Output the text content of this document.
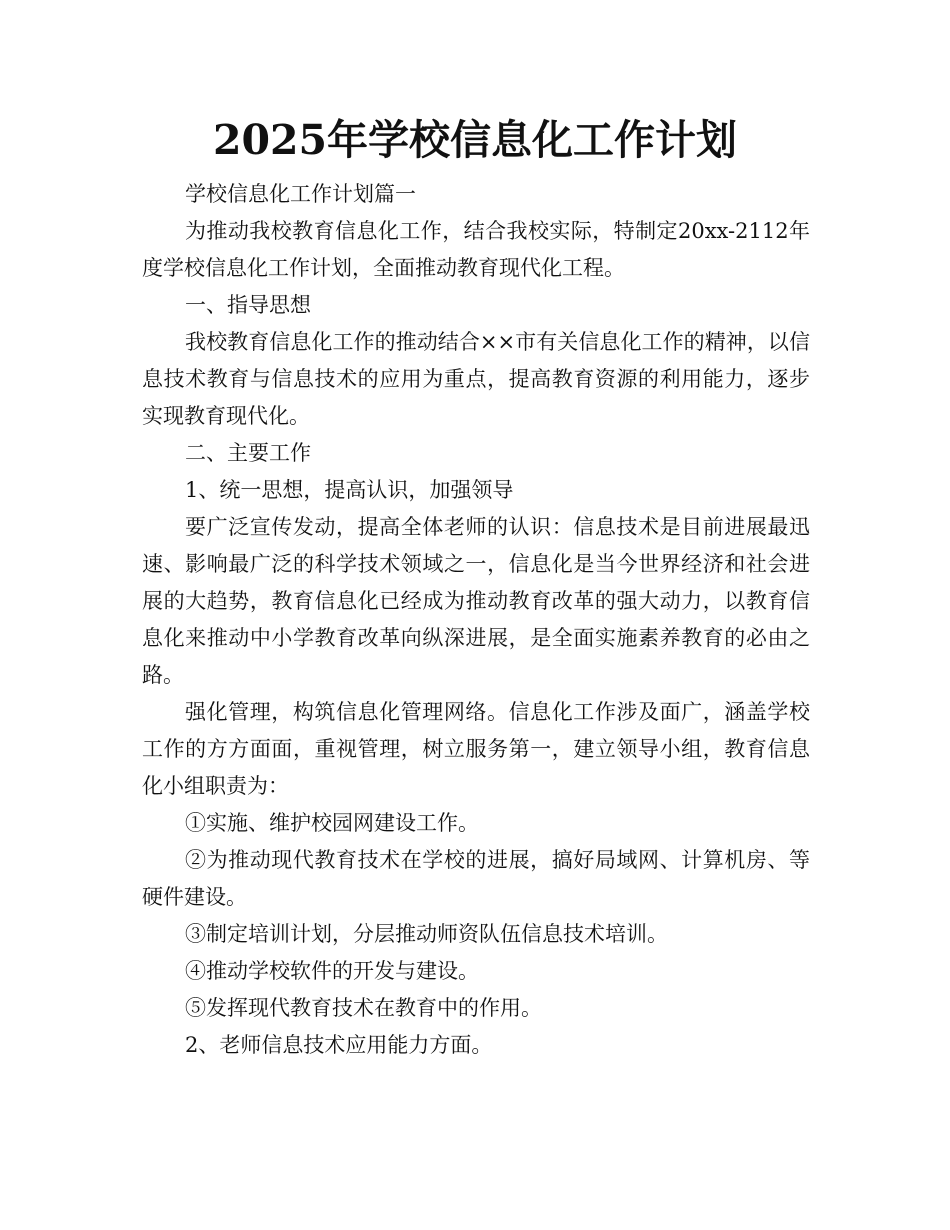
2025年学校信息化工作计划

学校信息化工作计划篇一

为推动我校教育信息化工作，结合我校实际，特制定20xx-2112年度学校信息化工作计划，全面推动教育现代化工程。

一、指导思想

我校教育信息化工作的推动结合××市有关信息化工作的精神，以信息技术教育与信息技术的应用为重点，提高教育资源的利用能力，逐步实现教育现代化。

二、主要工作

1、统一思想，提高认识，加强领导

要广泛宣传发动，提高全体老师的认识：信息技术是目前进展最迅速、影响最广泛的科学技术领域之一，信息化是当今世界经济和社会进展的大趋势，教育信息化已经成为推动教育改革的强大动力，以教育信息化来推动中小学教育改革向纵深进展，是全面实施素养教育的必由之路。

强化管理，构筑信息化管理网络。信息化工作涉及面广，涵盖学校工作的方方面面，重视管理，树立服务第一，建立领导小组，教育信息化小组职责为：

①实施、维护校园网建设工作。

②为推动现代教育技术在学校的进展，搞好局域网、计算机房、等硬件建设。

③制定培训计划，分层推动师资队伍信息技术培训。

④推动学校软件的开发与建设。

⑤发挥现代教育技术在教育中的作用。

2、老师信息技术应用能力方面。
